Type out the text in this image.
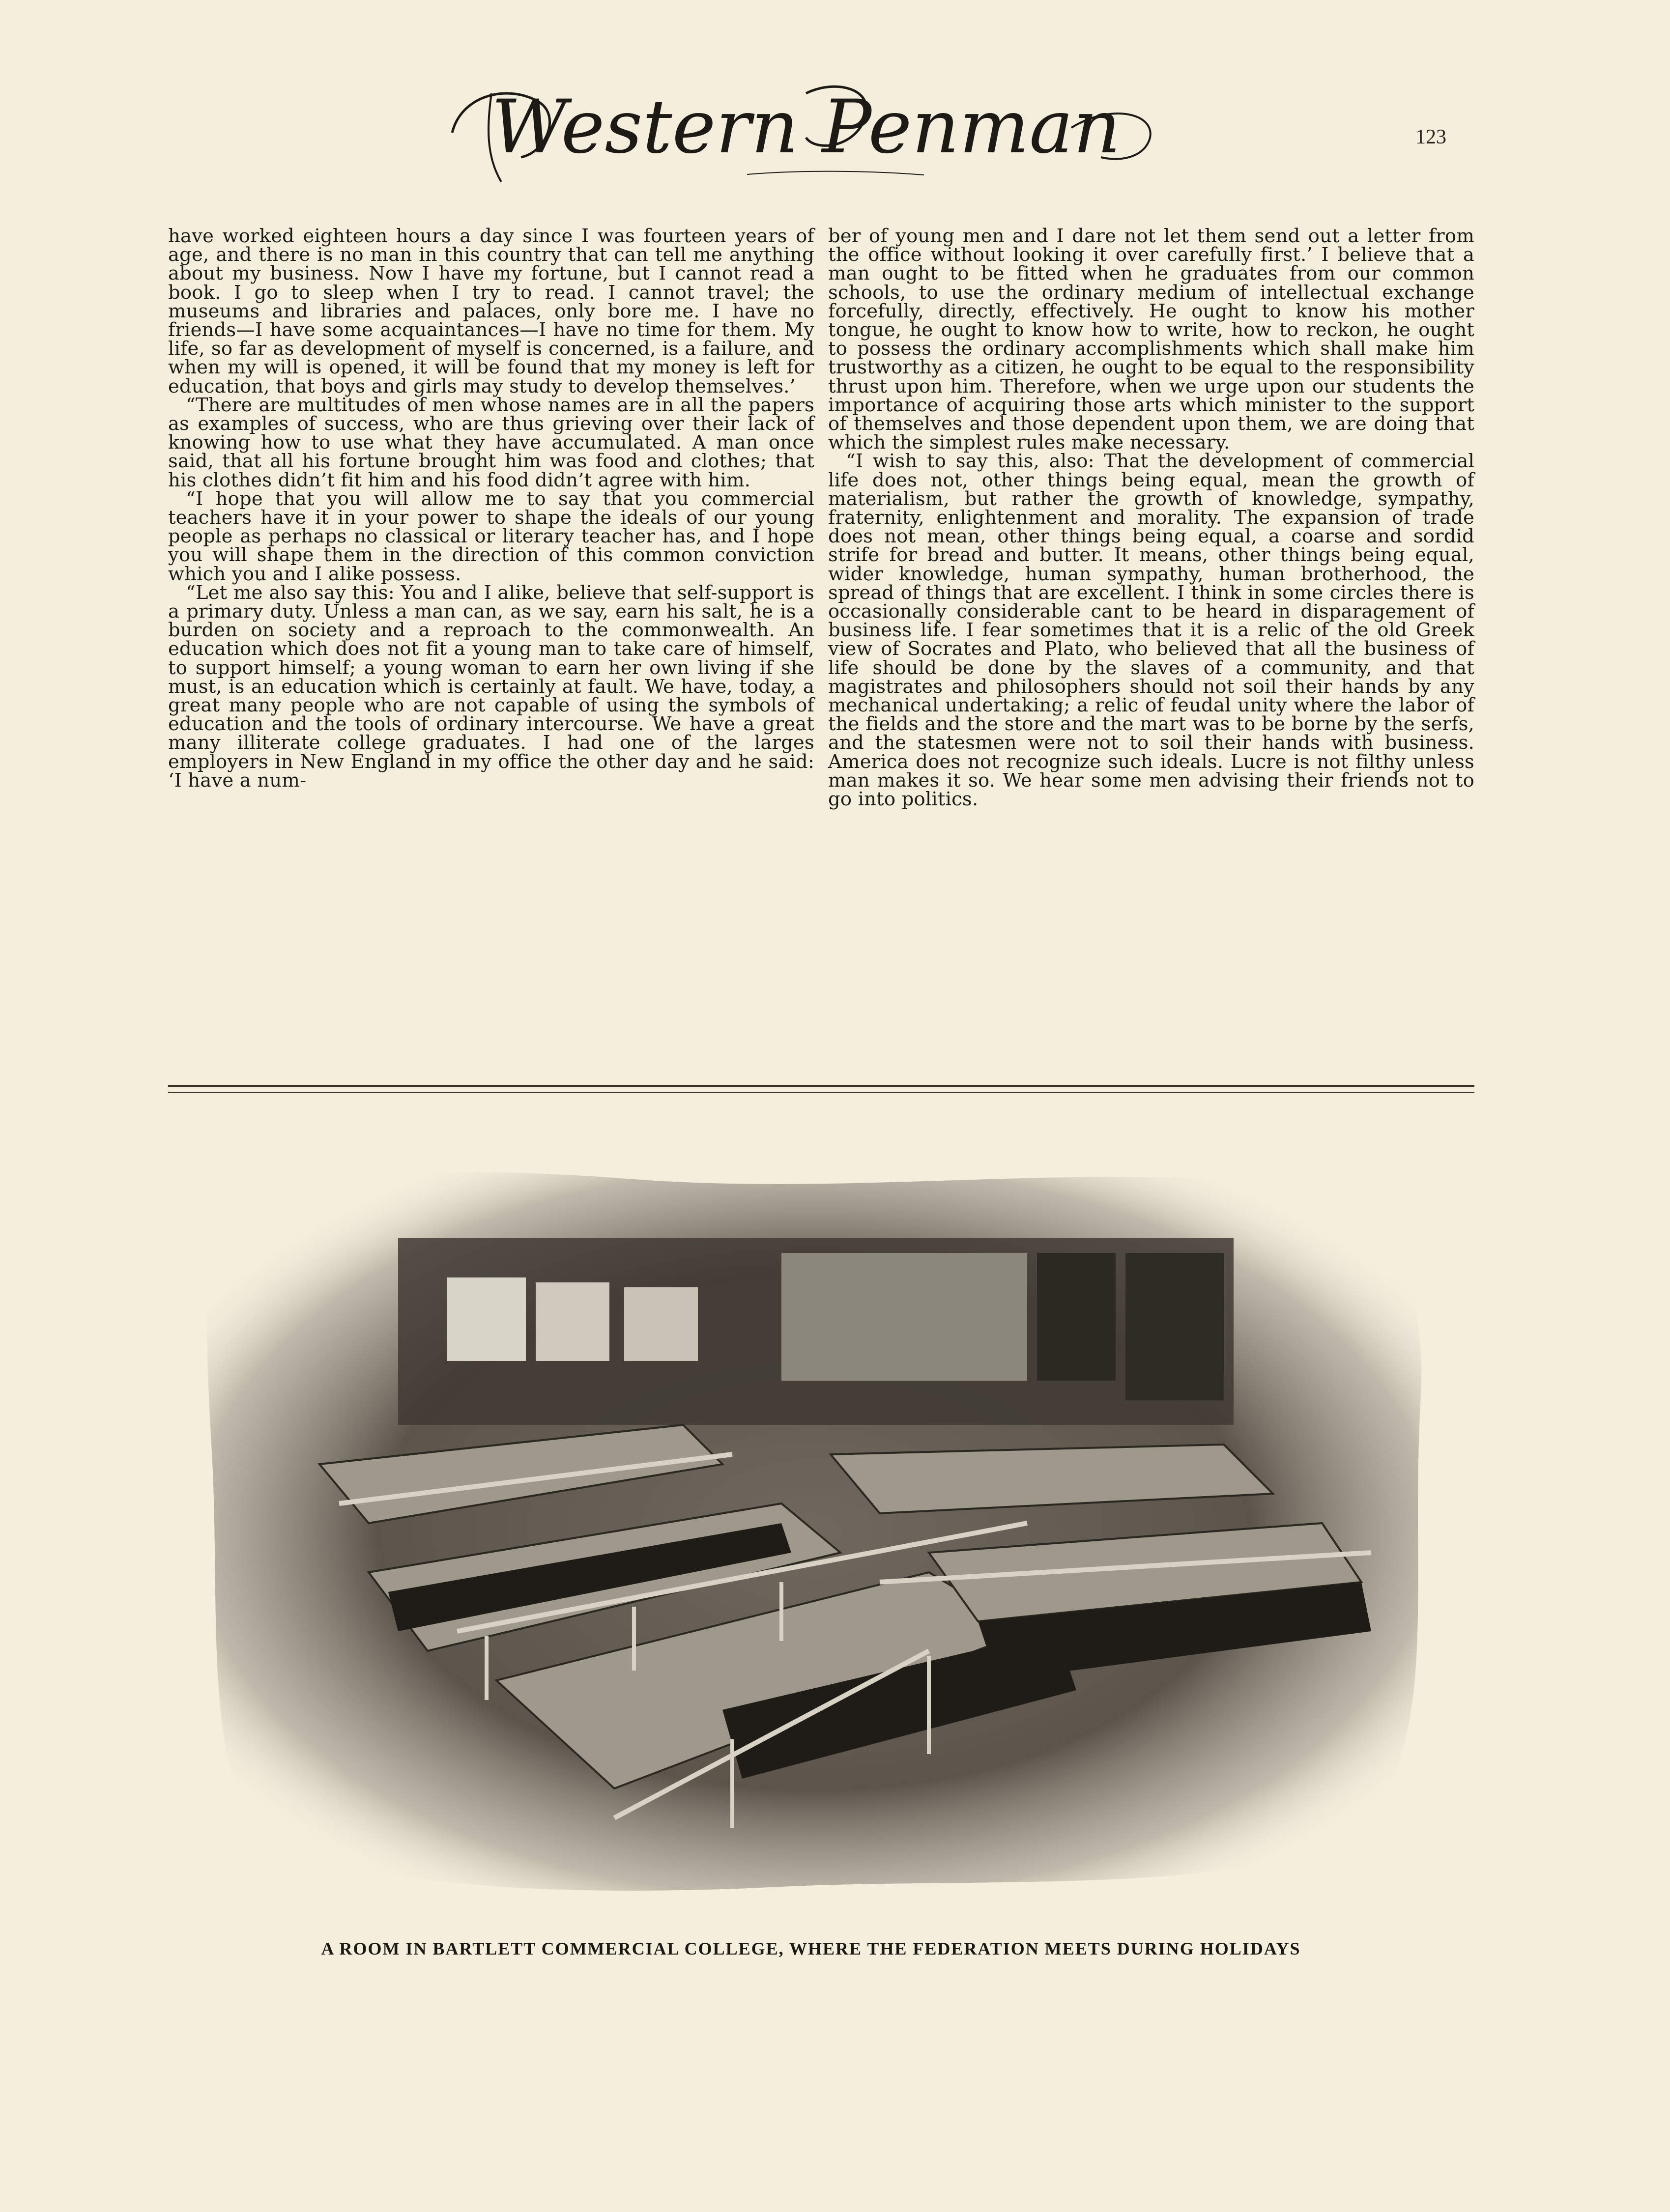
Western Penman	123

have worked eighteen hours a day since I was fourteen years of age, and there is no man in this country that can tell me anything about my business. Now I have my fortune, but I cannot read a book. I go to sleep when I try to read. I cannot travel; the museums and libraries and palaces, only bore me. I have no friends—I have some acquaintances—I have no time for them. My life, so far as development of myself is concerned, is a failure, and when my will is opened, it will be found that my money is left for education, that boys and girls may study to develop themselves.’

“There are multitudes of men whose names are in all the papers as examples of success, who are thus grieving over their lack of knowing how to use what they have accumulated. A man once said, that all his fortune brought him was food and clothes; that his clothes didn’t fit him and his food didn’t agree with him.

“I hope that you will allow me to say that you commercial teachers have it in your power to shape the ideals of our young people as perhaps no classical or literary teacher has, and I hope you will shape them in the direction of this common conviction which you and I alike possess.

“Let me also say this: You and I alike, believe that self-support is a primary duty. Unless a man can, as we say, earn his salt, he is a burden on society and a reproach to the commonwealth. An education which does not fit a young man to take care of himself, to support himself; a young woman to earn her own living if she must, is an education which is certainly at fault. We have, today, a great many people who are not capable of using the symbols of education and the tools of ordinary intercourse. We have a great many illiterate college graduates. I had one of the larges employers in New England in my office the other day and he said: ‘I have a num-

ber of young men and I dare not let them send out a letter from the office without looking it over carefully first.’ I believe that a man ought to be fitted when he graduates from our common schools, to use the ordinary medium of intellectual exchange forcefully, directly, effectively. He ought to know his mother tongue, he ought to know how to write, how to reckon, he ought to possess the ordinary accomplishments which shall make him trustworthy as a citizen, he ought to be equal to the responsibility thrust upon him. Therefore, when we urge upon our students the importance of acquiring those arts which minister to the support of themselves and those dependent upon them, we are doing that which the simplest rules make necessary.

“I wish to say this, also: That the development of commercial life does not, other things being equal, mean the growth of materialism, but rather the growth of knowledge, sympathy, fraternity, enlightenment and morality. The expansion of trade does not mean, other things being equal, a coarse and sordid strife for bread and butter. It means, other things being equal, wider knowledge, human sympathy, human brotherhood, the spread of things that are excellent. I think in some circles there is occasionally considerable cant to be heard in disparagement of business life. I fear sometimes that it is a relic of the old Greek view of Socrates and Plato, who believed that all the business of life should be done by the slaves of a community, and that magistrates and philosophers should not soil their hands by any mechanical undertaking; a relic of feudal unity where the labor of the fields and the store and the mart was to be borne by the serfs, and the statesmen were not to soil their hands with business. America does not recognize such ideals. Lucre is not filthy unless man makes it so. We hear some men advising their friends not to go into politics.

A ROOM IN BARTLETT COMMERCIAL COLLEGE, WHERE THE FEDERATION MEETS DURING HOLIDAYS
